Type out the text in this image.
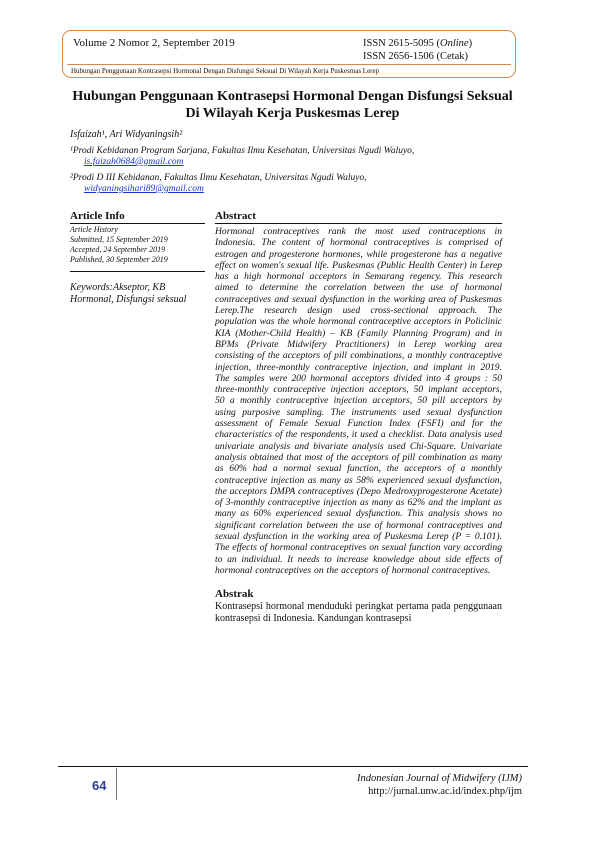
Volume 2 Nomor 2, September 2019	ISSN 2615-5095 (Online)
ISSN 2656-1506 (Cetak)
Hubungan Penggunaan Kontrasepsi Hormonal Dengan Disfungsi Seksual Di Wilayah Kerja Puskesmas Lerep
Hubungan Penggunaan Kontrasepsi Hormonal Dengan Disfungsi Seksual
Di Wilayah Kerja Puskesmas Lerep
Isfaizah¹, Ari Widyaningsih²
¹Prodi Kebidanan Program Sarjana, Fakultas Ilmu Kesehatan, Universitas Ngudi Waluyo,
is.faizah0684@gmail.com
²Prodi D III Kebidanan, Fakultas Ilmu Kesehatan, Universitas Ngudi Waluyo,
widyaningsihari89@gmail.com
Article Info
Article History
Submitted, 15 September 2019
Accepted, 24 September 2019
Published, 30 September 2019
Keywords:Akseptor, KB Hormonal, Disfungsi seksual
Abstract
Hormonal contraceptives rank the most used contraceptions in Indonesia. The content of hormonal contraceptives is comprised of estrogen and progesterone hormones, while progesterone has a negative effect on women's sexual life. Puskesmas (Public Health Center) in Lerep has a high hormonal acceptors in Semarang regency. This research aimed to determine the correlation between the use of hormonal contraceptives and sexual dysfunction in the working area of Puskesmas Lerep.The research design used cross-sectional approach. The population was the whole hormonal contraceptive acceptors in Policlinic KIA (Mother-Child Health) – KB (Family Planning Program) and in BPMs (Private Midwifery Practitioners) in Lerep working area consisting of the acceptors of pill combinations, a monthly contraceptive injection, three-monthly contraceptive injection, and implant in 2019. The samples were 200 hormonal acceptors divided into 4 groups : 50 three-monthly contraceptive injection acceptors, 50 implant acceptors, 50 a monthly contraceptive injection acceptors, 50 pill acceptors by using purposive sampling. The instruments used sexual dysfunction assessment of Female Sexual Function Index (FSFI) and for the characteristics of the respondents, it used a checklist. Data analysis used univariate analysis and bivariate analysis used Chi-Square. Univariate analysis obtained that most of the acceptors of pill combination as many as 60% had a normal sexual function, the acceptors of a monthly contraceptive injection as many as 58% experienced sexual dysfunction, the acceptors DMPA contraceptives (Depo Medroxyprogesterone Acetate) of 3-monthly contraceptive injection as many as 62% and the implant as many as 60% experienced sexual dysfunction. This analysis shows no significant correlation between the use of hormonal contraceptives and sexual dysfunction in the working area of Puskesma Lerep (P = 0.101). The effects of hormonal contraceptives on sexual function vary according to an individual. It needs to increase knowledge about side effects of hormonal contraceptives on the acceptors of hormonal contraceptives.
Abstrak
Kontrasepsi hormonal menduduki peringkat pertama pada penggunaan kontrasepsi di Indonesia. Kandungan kontrasepsi
64	Indonesian Journal of Midwifery (IJM)
http://jurnal.unw.ac.id/index.php/ijm
